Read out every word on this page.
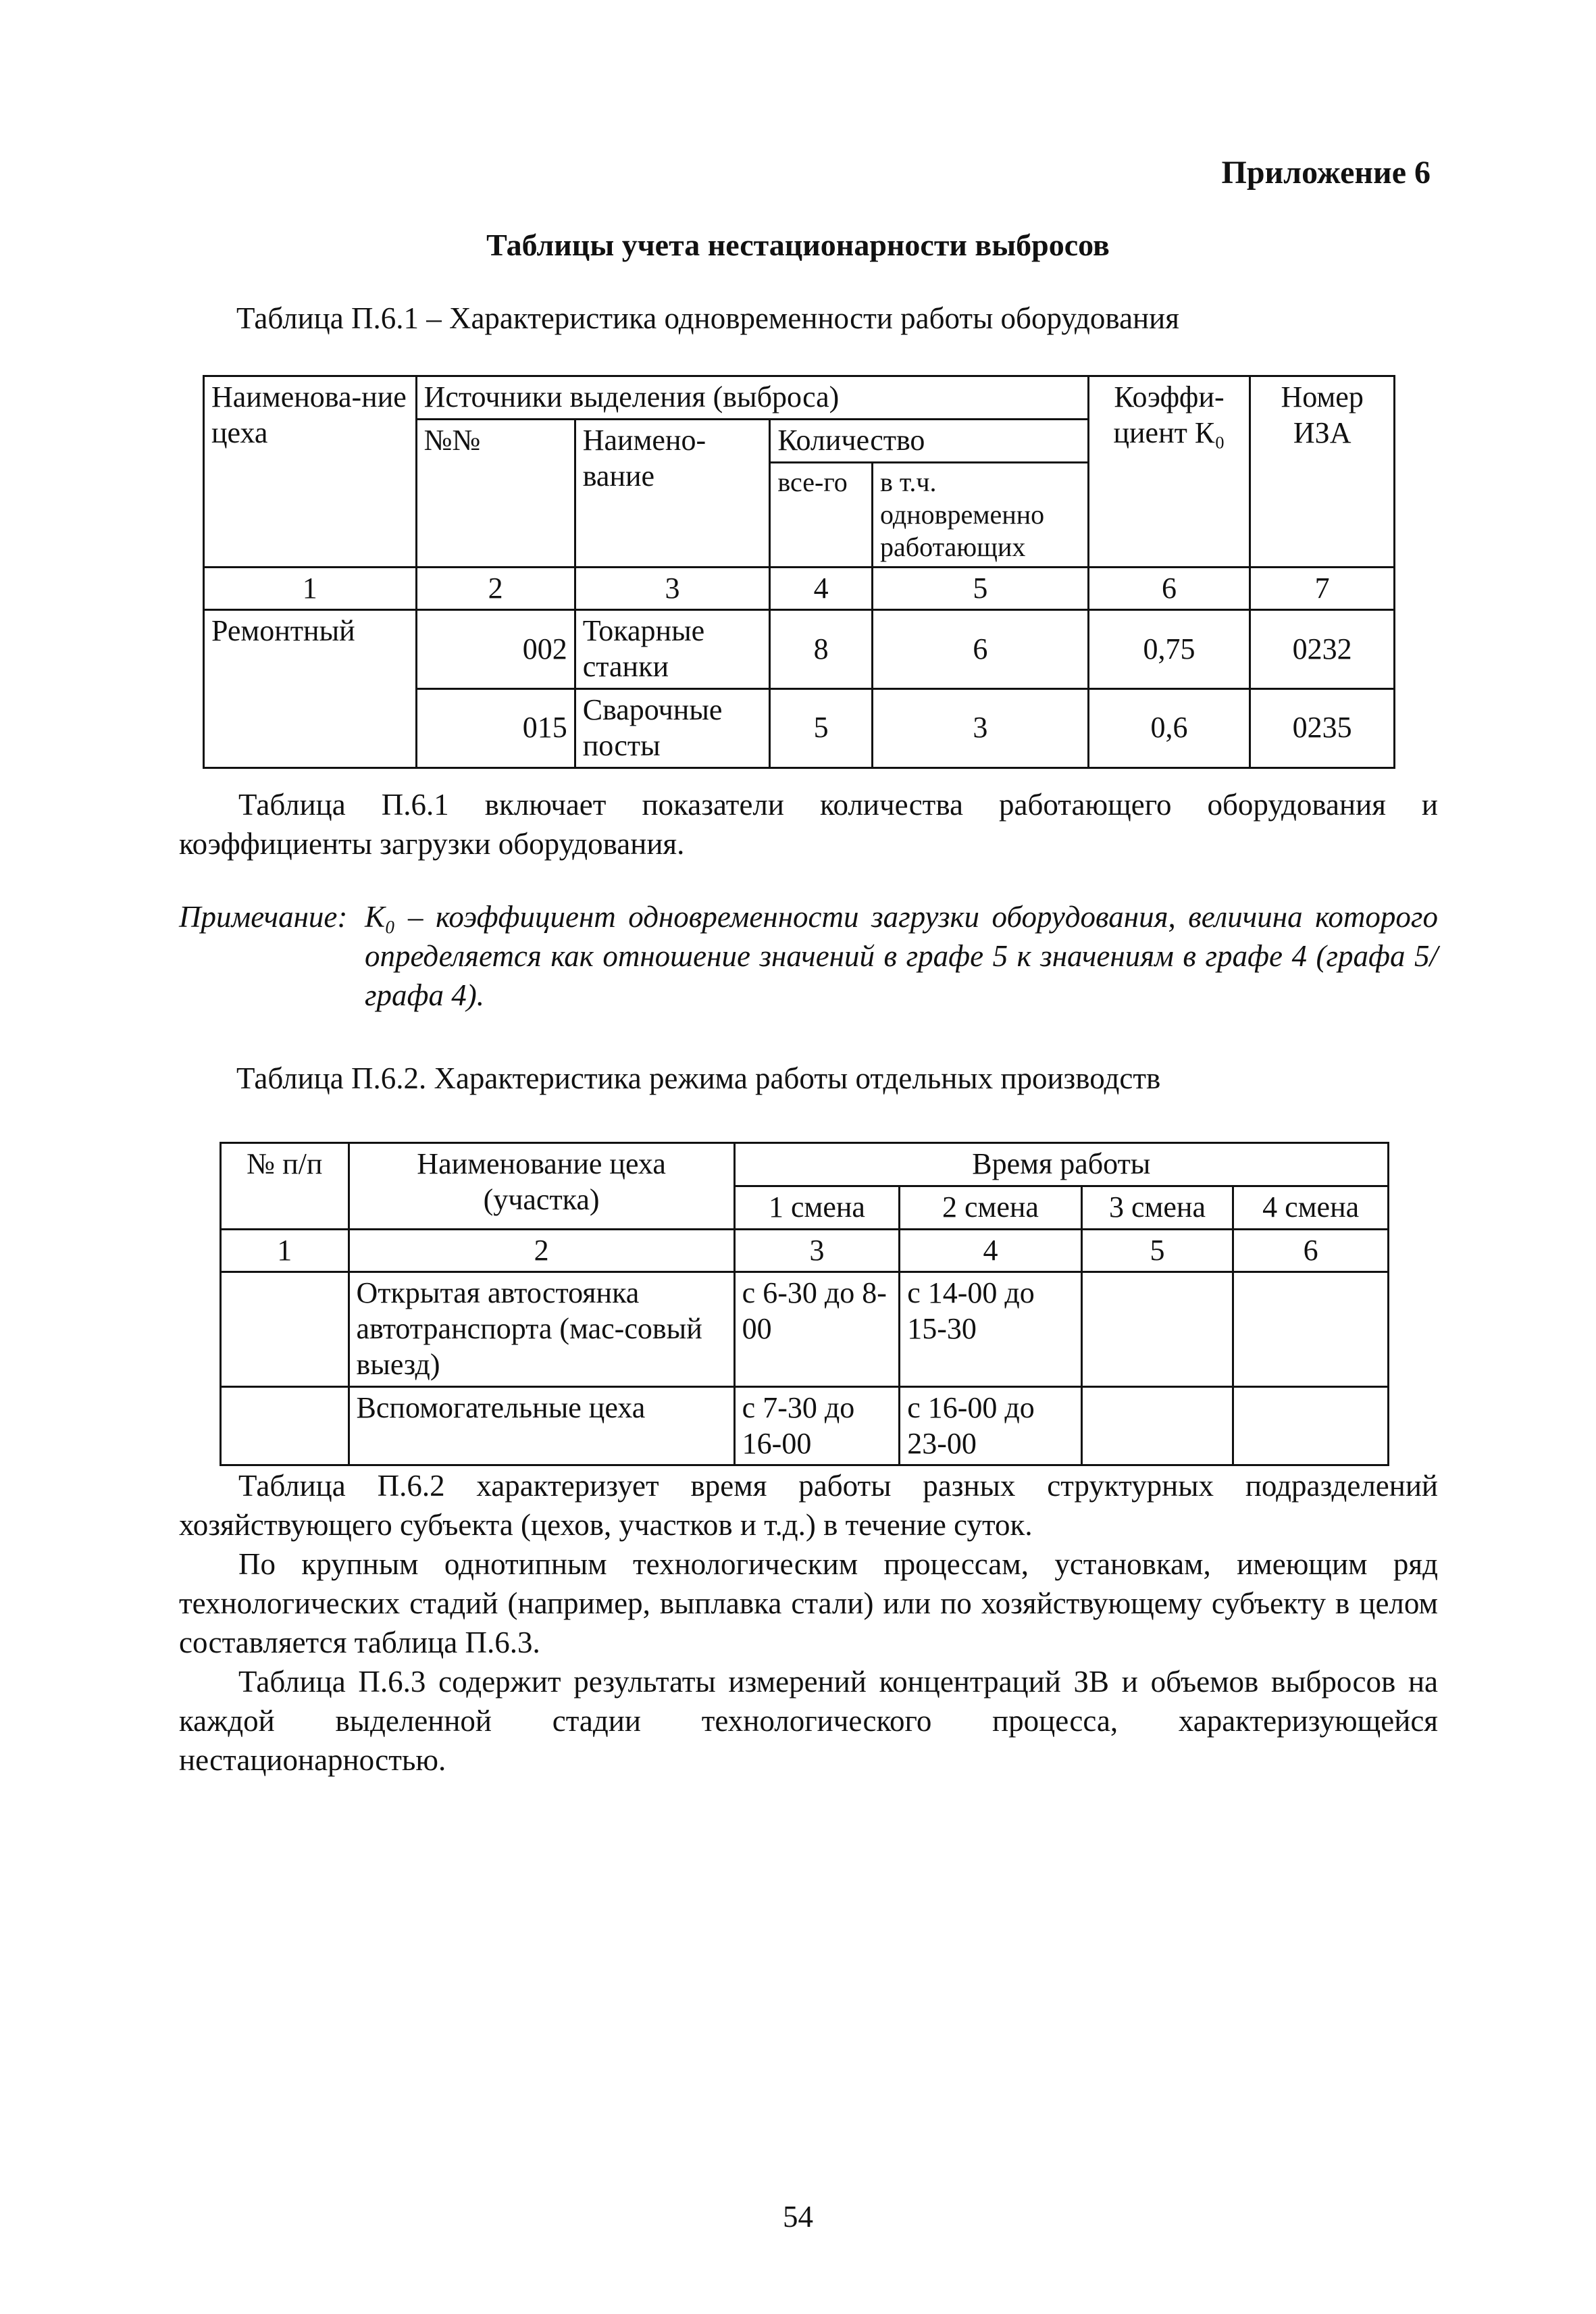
Приложение 6
Таблицы учета нестационарности выбросов
Таблица П.6.1 – Характеристика одновременности работы оборудования
Наименова-ние цеха	Источники выделения (выброса)				Коэффи-циент К₀	Номер ИЗА
	№№	Наимено-вание	Количество			
			все-го	в т.ч. одновременно работающих		
1	2	3	4	5	6	7
Ремонтный	002	Токарные станки	8	6	0,75	0232
	015	Сварочные посты	5	3	0,6	0235
Таблица П.6.1 включает показатели количества работающего оборудования и коэффициенты загрузки оборудования.
Примечание: К₀ – коэффициент одновременности загрузки оборудования, величина которого определяется как отношение значений в графе 5 к значениям в графе 4 (графа 5/графа 4).
Таблица П.6.2. Характеристика режима работы отдельных производств
№ п/п	Наименование цеха (участка)	Время работы			
		1 смена	2 смена	3 смена	4 смена
1	2	3	4	5	6
	Открытая автостоянка автотранспорта (мас-совый выезд)	с 6-30 до 8-00	с 14-00 до 15-30		
	Вспомогательные цеха	с 7-30 до 16-00	с 16-00 до 23-00		
Таблица П.6.2 характеризует время работы разных структурных подразделений хозяйствующего субъекта (цехов, участков и т.д.) в течение суток.
По крупным однотипным технологическим процессам, установкам, имеющим ряд технологических стадий (например, выплавка стали) или по хозяйствующему субъекту в целом составляется таблица П.6.3.
Таблица П.6.3 содержит результаты измерений концентраций ЗВ и объемов выбросов на каждой выделенной стадии технологического процесса, характеризующейся нестационарностью.
54
